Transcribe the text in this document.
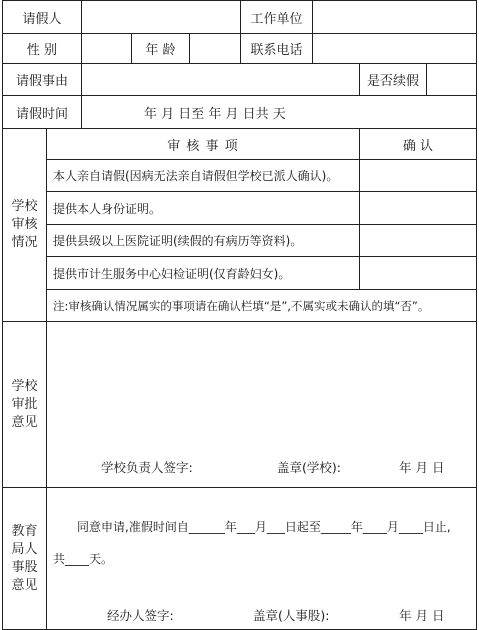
请假人	工作单位
性 别	年 龄	联系电话
请假事由	是否续假
请假时间	年 月 日至 年 月 日共 天
学校
审核
情况
审 核 事 项	确 认
本人亲自请假(因病无法亲自请假但学校已派人确认)。
提供本人身份证明。
提供县级以上医院证明(续假的有病历等资料)。
提供市计生服务中心妇检证明(仅育龄妇女)。
注:审核确认情况属实的事项请在确认栏填“是”,不属实或未确认的填“否”。
学校
审批
意见
学校负责人签字:	盖章(学校):	年 月 日
教育
局人
事股
意见
同意申请,准假时间自______年___月___日起至_____年____月____日止,
共____天。
经办人签字:	盖章(人事股):	年 月 日
